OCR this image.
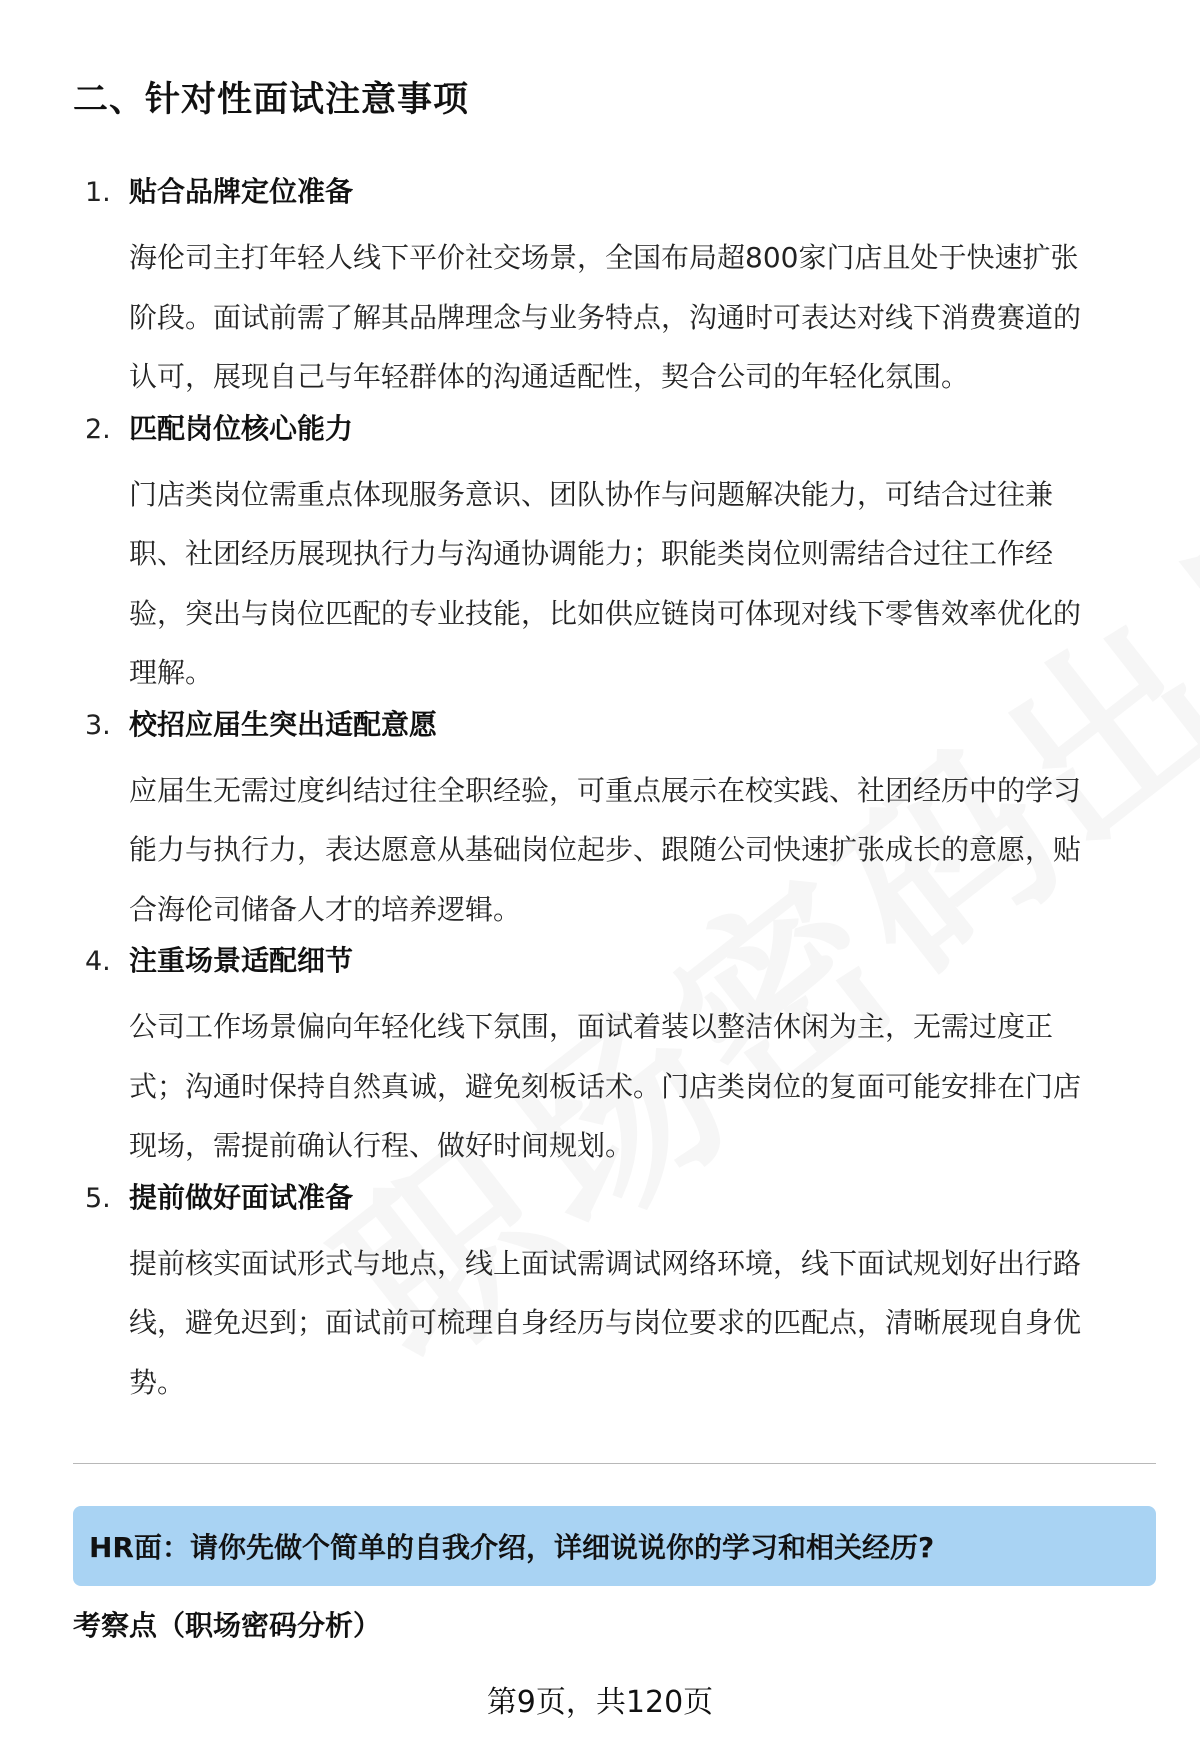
二、针对性面试注意事项
1. 贴合品牌定位准备
海伦司主打年轻人线下平价社交场景，全国布局超800家门店且处于快速扩张
阶段。面试前需了解其品牌理念与业务特点，沟通时可表达对线下消费赛道的
认可，展现自己与年轻群体的沟通适配性，契合公司的年轻化氛围。
2. 匹配岗位核心能力
门店类岗位需重点体现服务意识、团队协作与问题解决能力，可结合过往兼
职、社团经历展现执行力与沟通协调能力；职能类岗位则需结合过往工作经
验，突出与岗位匹配的专业技能，比如供应链岗可体现对线下零售效率优化的
理解。
3. 校招应届生突出适配意愿
应届生无需过度纠结过往全职经验，可重点展示在校实践、社团经历中的学习
能力与执行力，表达愿意从基础岗位起步、跟随公司快速扩张成长的意愿，贴
合海伦司储备人才的培养逻辑。
4. 注重场景适配细节
公司工作场景偏向年轻化线下氛围，面试着装以整洁休闲为主，无需过度正
式；沟通时保持自然真诚，避免刻板话术。门店类岗位的复面可能安排在门店
现场，需提前确认行程、做好时间规划。
5. 提前做好面试准备
提前核实面试形式与地点，线上面试需调试网络环境，线下面试规划好出行路
线，避免迟到；面试前可梳理自身经历与岗位要求的匹配点，清晰展现自身优
势。
HR面：请你先做个简单的自我介绍，详细说说你的学习和相关经历?
考察点（职场密码分析）
第9页，共120页
